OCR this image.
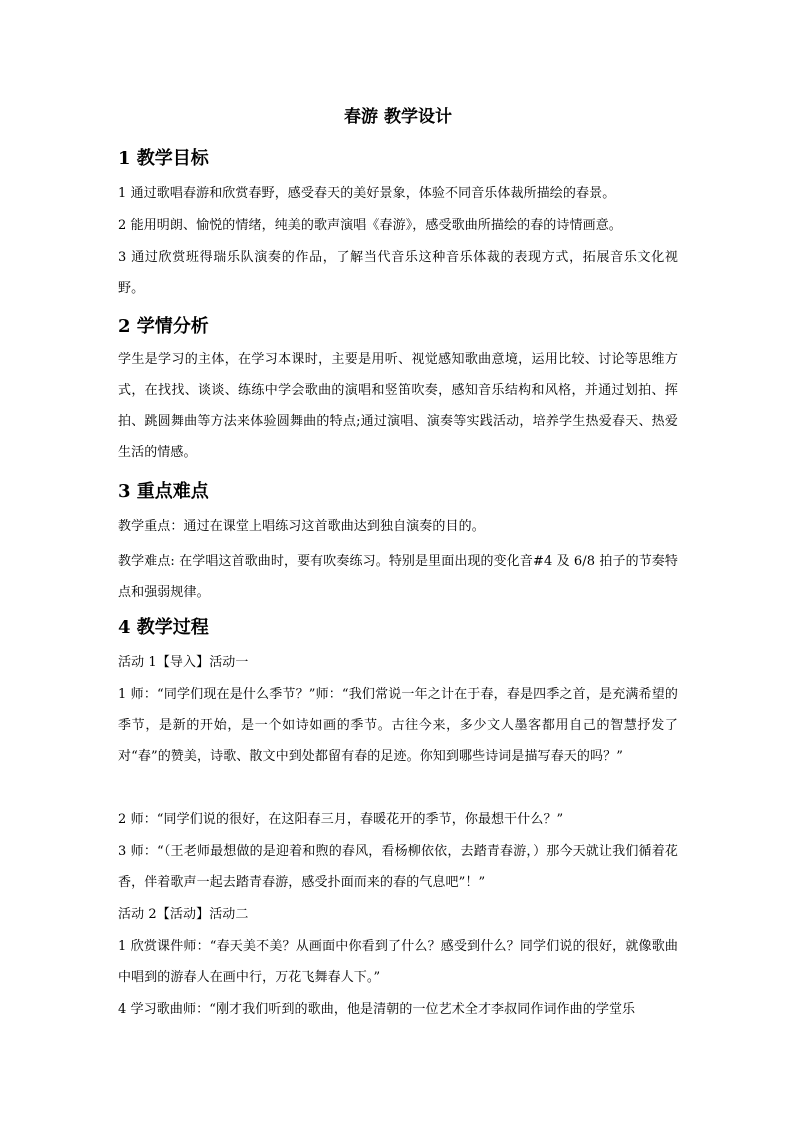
春游 教学设计
1 教学目标

1 通过歌唱春游和欣赏春野，感受春天的美好景象，体验不同音乐体裁所描绘的春景。

2 能用明朗、愉悦的情绪，纯美的歌声演唱《春游》，感受歌曲所描绘的春的诗情画意。

3 通过欣赏班得瑞乐队演奏的作品，了解当代音乐这种音乐体裁的表现方式，拓展音乐文化视野。

2 学情分析

学生是学习的主体，在学习本课时，主要是用听、视觉感知歌曲意境，运用比较、讨论等思维方式，在找找、谈谈、练练中学会歌曲的演唱和竖笛吹奏，感知音乐结构和风格，并通过划拍、挥拍、跳圆舞曲等方法来体验圆舞曲的特点;通过演唱、演奏等实践活动，培养学生热爱春天、热爱生活的情感。

3 重点难点

教学重点：通过在课堂上唱练习这首歌曲达到独自演奏的目的。

教学难点: 在学唱这首歌曲时，要有吹奏练习。特别是里面出现的变化音#4 及 6/8 拍子的节奏特点和强弱规律。

4 教学过程

活动 1【导入】活动一

1 师：“同学们现在是什么季节？”师：“我们常说一年之计在于春，春是四季之首，是充满希望的季节，是新的开始，是一个如诗如画的季节。古往今来，多少文人墨客都用自己的智慧抒发了对“春”的赞美，诗歌、散文中到处都留有春的足迹。你知到哪些诗词是描写春天的吗？”

2 师：“同学们说的很好，在这阳春三月，春暖花开的季节，你最想干什么？”

3 师：“（王老师最想做的是迎着和煦的春风，看杨柳依依，去踏青春游，）那今天就让我们循着花香，伴着歌声一起去踏青春游，感受扑面而来的春的气息吧”！”

活动 2【活动】活动二

1 欣赏课件师：“春天美不美？从画面中你看到了什么？感受到什么？同学们说的很好，就像歌曲中唱到的游春人在画中行，万花飞舞春人下。”

4 学习歌曲师：“刚才我们听到的歌曲，他是清朝的一位艺术全才李叔同作词作曲的学堂乐
